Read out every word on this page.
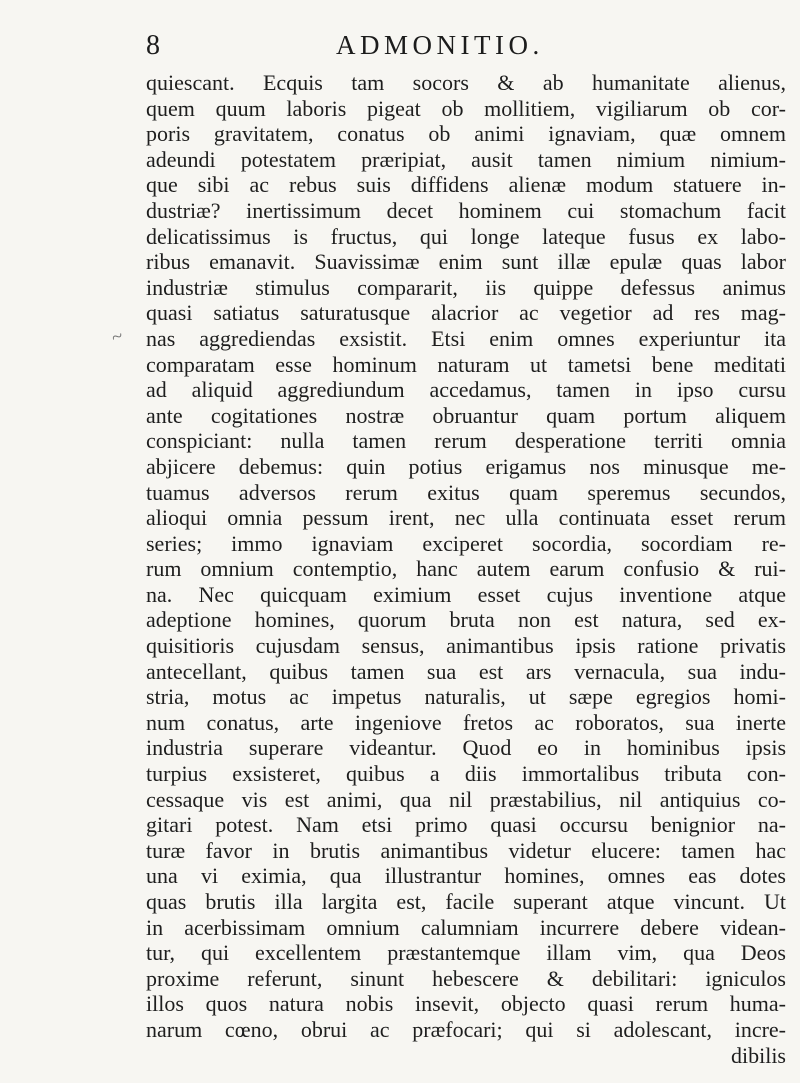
8	ADMONITIO.
~
quiescant. Ecquis tam socors & ab humanitate alienus,
quem quum laboris pigeat ob mollitiem, vigiliarum ob cor-
poris gravitatem, conatus ob animi ignaviam, quæ omnem
adeundi potestatem præripiat, ausit tamen nimium nimium-
que sibi ac rebus suis diffidens alienæ modum statuere in-
dustriæ? inertissimum decet hominem cui stomachum facit
delicatissimus is fructus, qui longe lateque fusus ex labo-
ribus emanavit. Suavissimæ enim sunt illæ epulæ quas labor
industriæ stimulus compararit, iis quippe defessus animus
quasi satiatus saturatusque alacrior ac vegetior ad res mag-
nas aggrediendas exsistit. Etsi enim omnes experiuntur ita
comparatam esse hominum naturam ut tametsi bene meditati
ad aliquid aggrediundum accedamus, tamen in ipso cursu
ante cogitationes nostræ obruantur quam portum aliquem
conspiciant: nulla tamen rerum desperatione territi omnia
abjicere debemus: quin potius erigamus nos minusque me-
tuamus adversos rerum exitus quam speremus secundos,
alioqui omnia pessum irent, nec ulla continuata esset rerum
series; immo ignaviam exciperet socordia, socordiam re-
rum omnium contemptio, hanc autem earum confusio & rui-
na. Nec quicquam eximium esset cujus inventione atque
adeptione homines, quorum bruta non est natura, sed ex-
quisitioris cujusdam sensus, animantibus ipsis ratione privatis
antecellant, quibus tamen sua est ars vernacula, sua indu-
stria, motus ac impetus naturalis, ut sæpe egregios homi-
num conatus, arte ingeniove fretos ac roboratos, sua inerte
industria superare videantur. Quod eo in hominibus ipsis
turpius exsisteret, quibus a diis immortalibus tributa con-
cessaque vis est animi, qua nil præstabilius, nil antiquius co-
gitari potest. Nam etsi primo quasi occursu benignior na-
turæ favor in brutis animantibus videtur elucere: tamen hac
una vi eximia, qua illustrantur homines, omnes eas dotes
quas brutis illa largita est, facile superant atque vincunt. Ut
in acerbissimam omnium calumniam incurrere debere videan-
tur, qui excellentem præstantemque illam vim, qua Deos
proxime referunt, sinunt hebescere & debilitari: igniculos
illos quos natura nobis insevit, objecto quasi rerum huma-
narum cœno, obrui ac præfocari; qui si adolescant, incre-
dibilis
